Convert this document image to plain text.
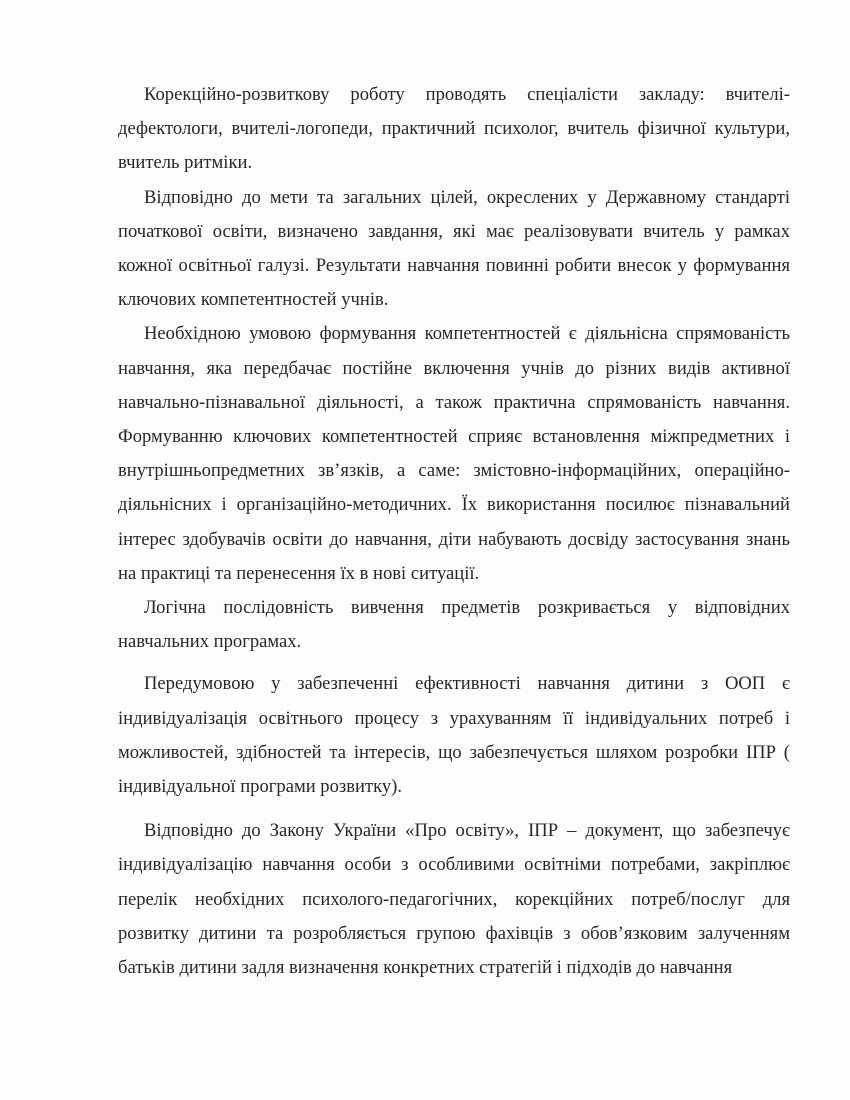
Корекційно-розвиткову роботу проводять спеціалісти закладу: вчителі-дефектологи, вчителі-логопеди, практичний психолог, вчитель фізичної культури, вчитель ритміки.

Відповідно до мети та загальних цілей, окреслених у Державному стандарті початкової освіти, визначено завдання, які має реалізовувати вчитель у рамках кожної освітньої галузі. Результати навчання повинні робити внесок у формування ключових компетентностей учнів.

Необхідною умовою формування компетентностей є діяльнісна спрямованість навчання, яка передбачає постійне включення учнів до різних видів активної навчально-пізнавальної діяльності, а також практична спрямованість навчання. Формуванню ключових компетентностей сприяє встановлення міжпредметних і внутрішньопредметних зв’язків, а саме: змістовно-інформаційних, операційно-діяльнісних і організаційно-методичних. Їх використання посилює пізнавальний інтерес здобувачів освіти до навчання, діти набувають досвіду застосування знань на практиці та перенесення їх в нові ситуації.

Логічна послідовність вивчення предметів розкривається у відповідних навчальних програмах.

Передумовою у забезпеченні ефективності навчання дитини з ООП є індивідуалізація освітнього процесу з урахуванням її індивідуальних потреб і можливостей, здібностей та інтересів, що забезпечується шляхом розробки ІПР ( індивідуальної програми розвитку).

Відповідно до Закону України «Про освіту», ІПР – документ, що забезпечує індивідуалізацію навчання особи з особливими освітніми потребами, закріплює перелік необхідних психолого-педагогічних, корекційних потреб/послуг для розвитку дитини та розробляється групою фахівців з обов’язковим залученням батьків дитини задля визначення конкретних стратегій і підходів до навчання
